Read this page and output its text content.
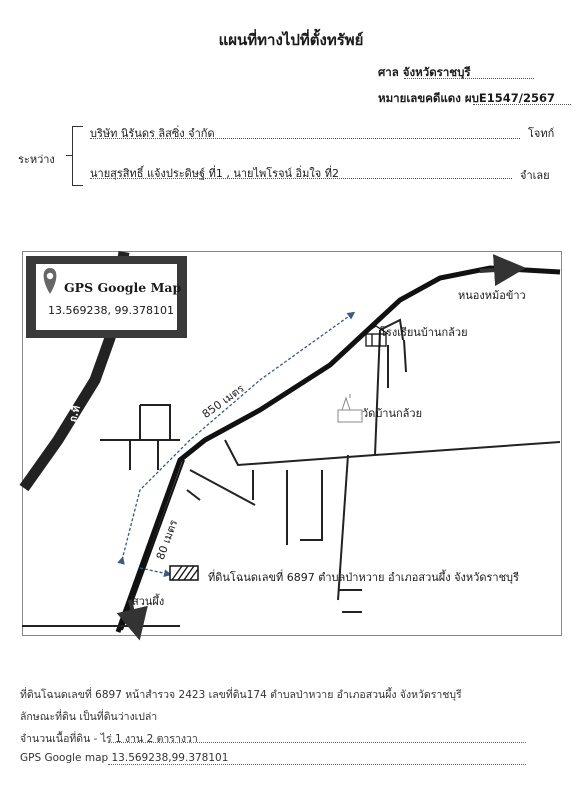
แผนที่ทางไปที่ตั้งทรัพย์
ศาล จังหวัดราชบุรี
หมายเลขคดีแดง ผบE1547/2567
ระหว่าง
บริษัท นิรันดร ลิสซิ่ง จำกัด	โจทก์
นายสุรสิทธิ์ แจ้งประดิษฐ์ ที่1 , นายไพโรจน์ อิ่มใจ ที่2	จำเลย
GPS Google Map
13.569238, 99.378101
หนองหม้อข้าว
โรงเรียนบ้านกล้วย
วัดบ้านกล้วย
850 เมตร
80 เมตร
ที่ดินโฉนดเลขที่ 6897 ตำบลป่าหวาย อำเภอสวนผึ้ง จังหวัดราชบุรี
สวนผึ้ง
ถ.ที่
ที่ดินโฉนดเลขที่ 6897 หน้าสำรวจ 2423 เลขที่ดิน174 ตำบลป่าหวาย อำเภอสวนผึ้ง จังหวัดราชบุรี
ลักษณะที่ดิน เป็นที่ดินว่างเปล่า
จำนวนเนื้อที่ดิน - ไร่ 1 งาน 2 ตารางวา
GPS Google map 13.569238,99.378101
